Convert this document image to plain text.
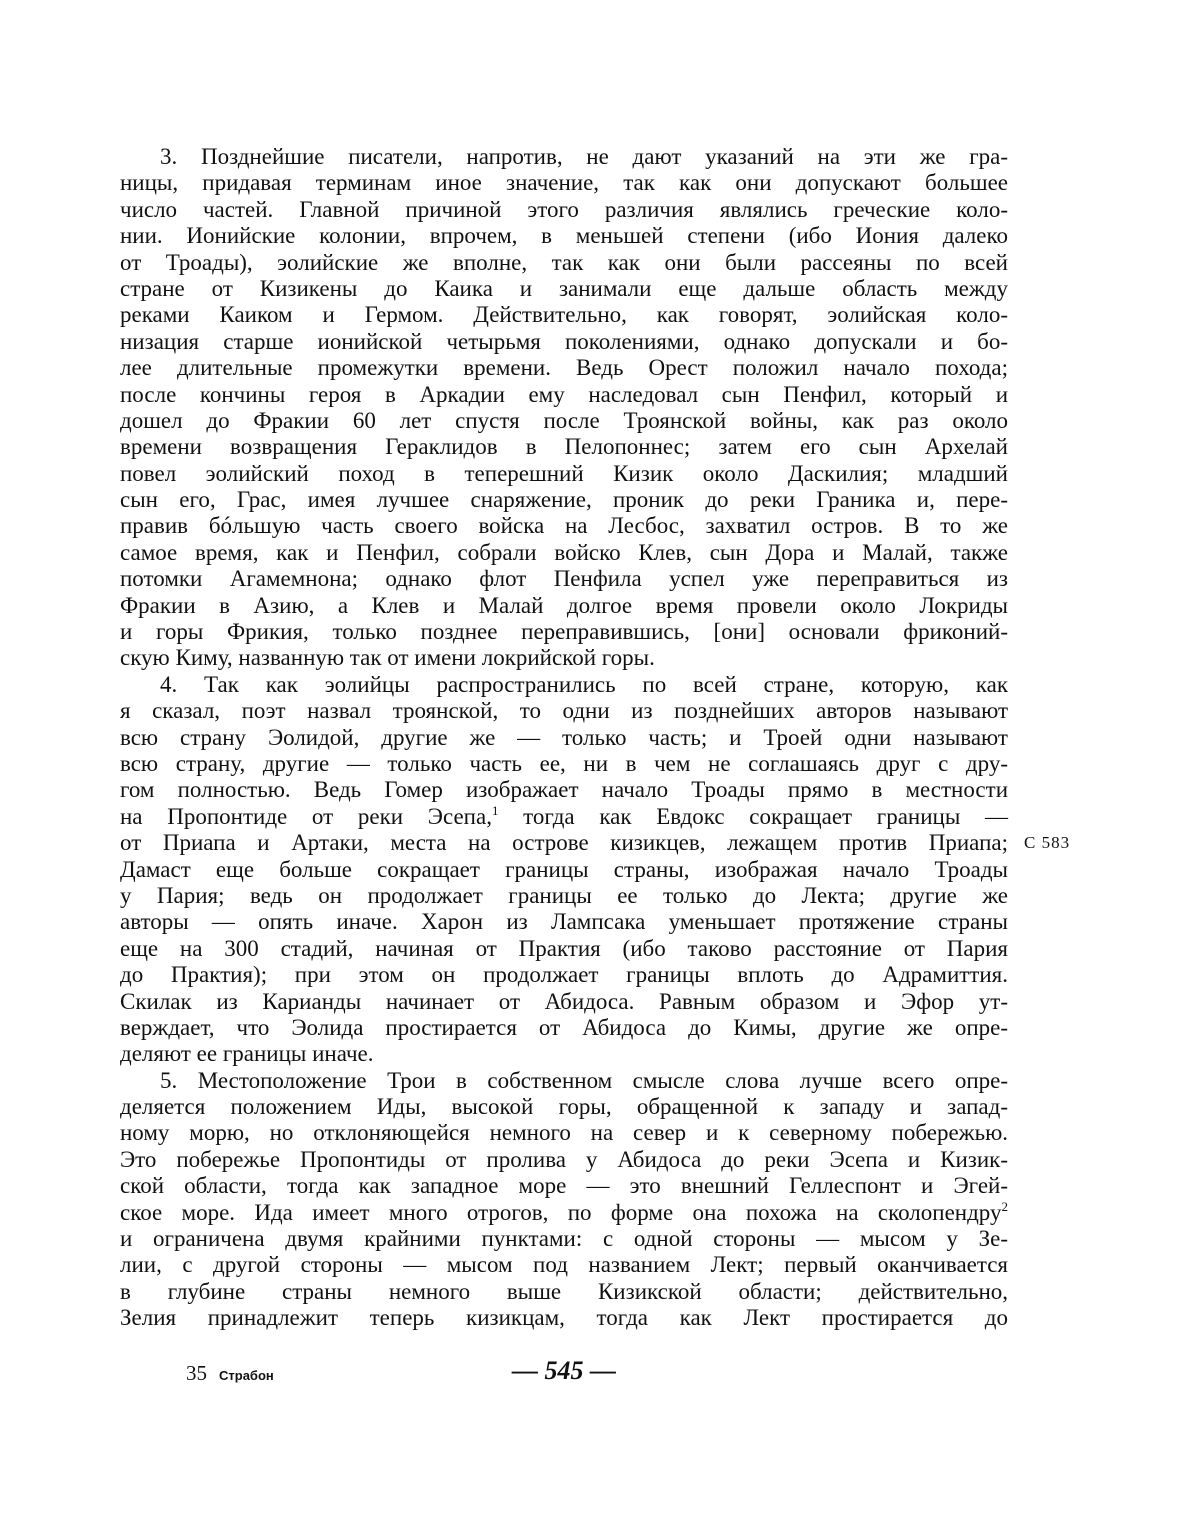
3. Позднейшие писатели, напротив, не дают указаний на эти же гра-
ницы, придавая терминам иное значение, так как они допускают большее
число частей. Главной причиной этого различия являлись греческие коло-
нии. Ионийские колонии, впрочем, в меньшей степени (ибо Иония далеко
от Троады), эолийские же вполне, так как они были рассеяны по всей
стране от Кизикены до Каика и занимали еще дальше область между
реками Каиком и Гермом. Действительно, как говорят, эолийская коло-
низация старше ионийской четырьмя поколениями, однако допускали и бо-
лее длительные промежутки времени. Ведь Орест положил начало похода;
после кончины героя в Аркадии ему наследовал сын Пенфил, который и
дошел до Фракии 60 лет спустя после Троянской войны, как раз около
времени возвращения Гераклидов в Пелопоннес; затем его сын Архелай
повел эолийский поход в теперешний Кизик около Даскилия; младший
сын его, Грас, имея лучшее снаряжение, проник до реки Граника и, пере-
правив бóльшую часть своего войска на Лесбос, захватил остров. В то же
самое время, как и Пенфил, собрали войско Клев, сын Дора и Малай, также
потомки Агамемнона; однако флот Пенфила успел уже переправиться из
Фракии в Азию, а Клев и Малай долгое время провели около Локриды
и горы Фрикия, только позднее переправившись, [они] основали фриконий-
скую Киму, названную так от имени локрийской горы.
4. Так как эолийцы распространились по всей стране, которую, как
я сказал, поэт назвал троянской, то одни из позднейших авторов называют
всю страну Эолидой, другие же — только часть; и Троей одни называют
всю страну, другие — только часть ее, ни в чем не соглашаясь друг с дру-
гом полностью. Ведь Гомер изображает начало Троады прямо в местности
на Пропонтиде от реки Эсепа,$^1$ тогда как Евдокс сокращает границы —
от Приапа и Артаки, места на острове кизикцев, лежащем против Приапа;
Дамаст еще больше сокращает границы страны, изображая начало Троады
у Пария; ведь он продолжает границы ее только до Лекта; другие же
авторы — опять иначе. Харон из Лампсака уменьшает протяжение страны
еще на 300 стадий, начиная от Практия (ибо таково расстояние от Пария
до Практия); при этом он продолжает границы вплоть до Адрамиттия.
Скилак из Карианды начинает от Абидоса. Равным образом и Эфор ут-
верждает, что Эолида простирается от Абидоса до Кимы, другие же опре-
деляют ее границы иначе.
5. Местоположение Трои в собственном смысле слова лучше всего опре-
деляется положением Иды, высокой горы, обращенной к западу и запад-
ному морю, но отклоняющейся немного на север и к северному побережью.
Это побережье Пропонтиды от пролива у Абидоса до реки Эсепа и Кизик-
ской области, тогда как западное море — это внешний Геллеспонт и Эгей-
ское море. Ида имеет много отрогов, по форме она похожа на сколопендру$^2$
и ограничена двумя крайними пунктами: с одной стороны — мысом у Зе-
лии, с другой стороны — мысом под названием Лект; первый оканчивается
в глубине страны немного выше Кизикской области; действительно,
Зелия принадлежит теперь кизикцам, тогда как Лект простирается до
С 583
35 Страбон	— 545 —
